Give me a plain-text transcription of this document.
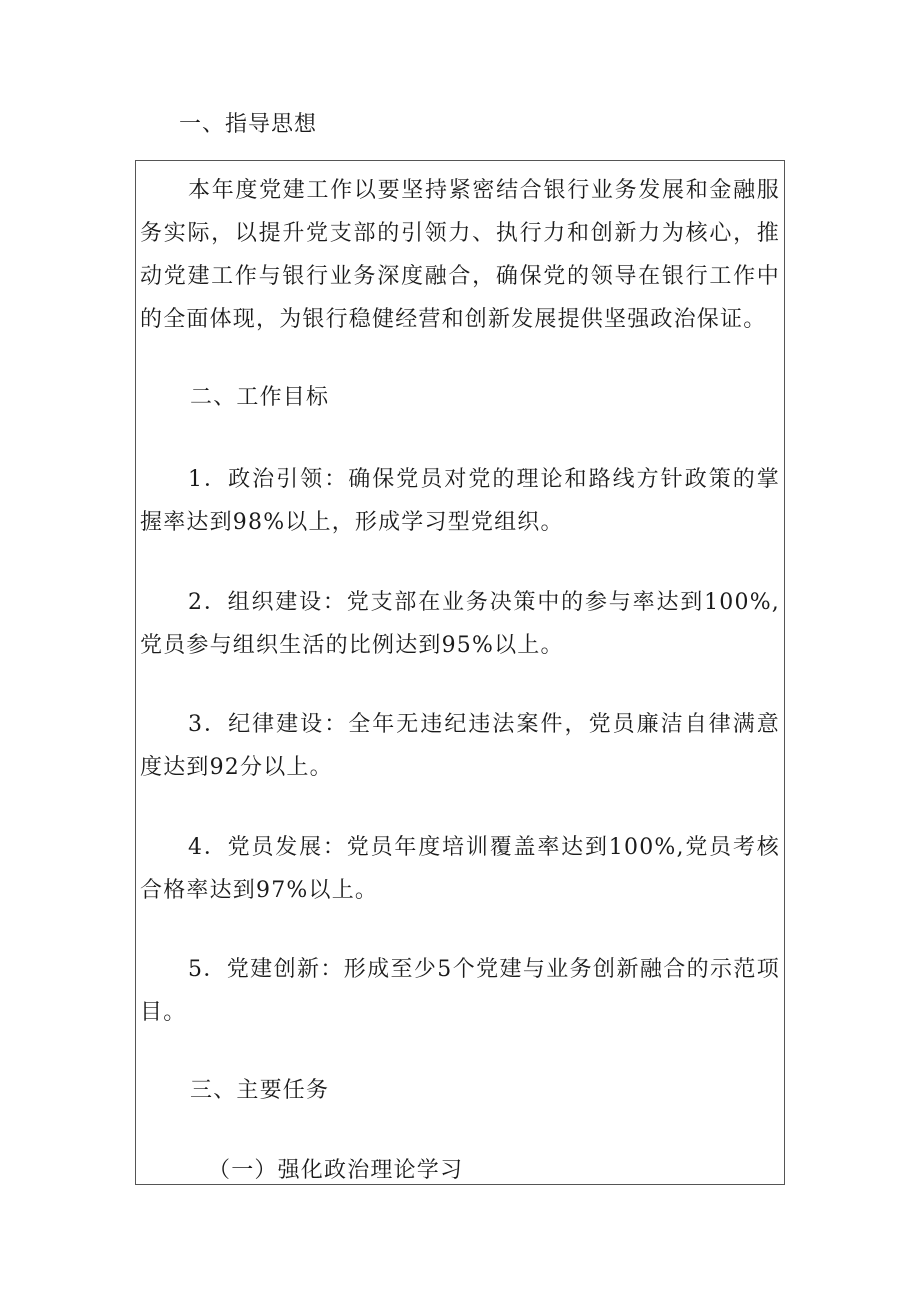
一、指导思想

本年度党建工作以要坚持紧密结合银行业务发展和金融服务实际，以提升党支部的引领力、执行力和创新力为核心，推动党建工作与银行业务深度融合，确保党的领导在银行工作中的全面体现，为银行稳健经营和创新发展提供坚强政治保证。

二、工作目标

1．政治引领：确保党员对党的理论和路线方针政策的掌握率达到98%以上，形成学习型党组织。

2．组织建设：党支部在业务决策中的参与率达到100%,党员参与组织生活的比例达到95%以上。

3．纪律建设：全年无违纪违法案件，党员廉洁自律满意度达到92分以上。

4．党员发展：党员年度培训覆盖率达到100%,党员考核合格率达到97%以上。

5．党建创新：形成至少5个党建与业务创新融合的示范项目。

三、主要任务

（一）强化政治理论学习
